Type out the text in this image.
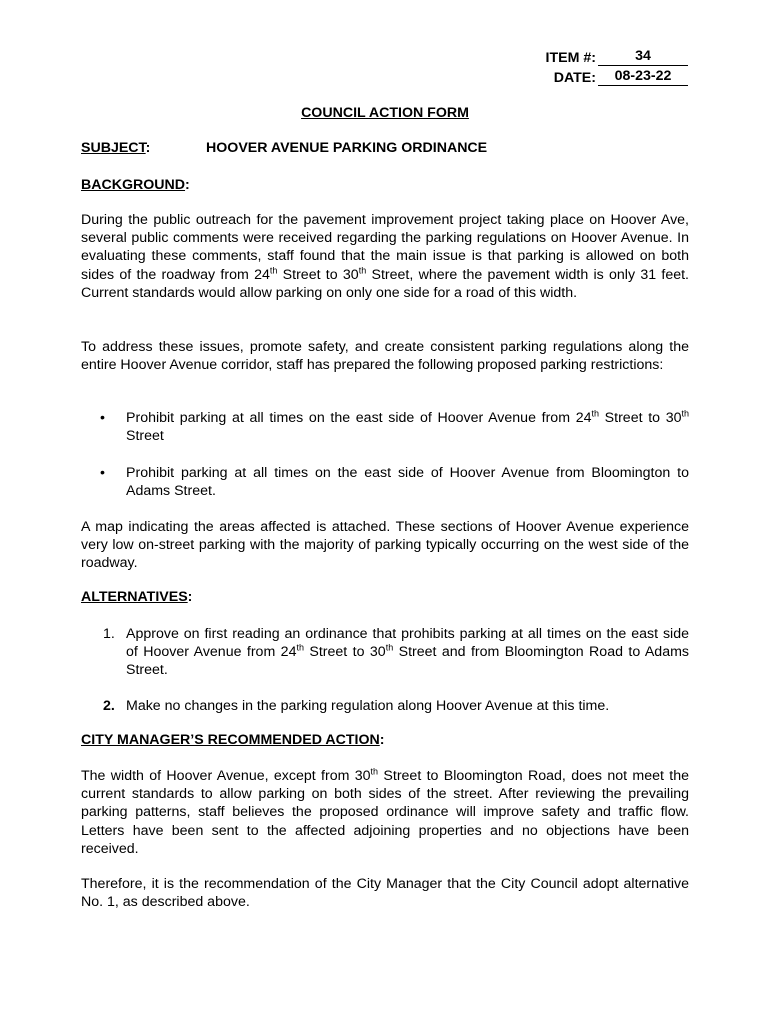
ITEM #:	34
DATE:	08-23-22
COUNCIL ACTION FORM
SUBJECT:	HOOVER AVENUE PARKING ORDINANCE
BACKGROUND:

During the public outreach for the pavement improvement project taking place on Hoover Ave, several public comments were received regarding the parking regulations on Hoover Avenue. In evaluating these comments, staff found that the main issue is that parking is allowed on both sides of the roadway from 24th Street to 30th Street, where the pavement width is only 31 feet. Current standards would allow parking on only one side for a road of this width.

To address these issues, promote safety, and create consistent parking regulations along the entire Hoover Avenue corridor, staff has prepared the following proposed parking restrictions:

•	Prohibit parking at all times on the east side of Hoover Avenue from 24th Street to 30th Street
•	Prohibit parking at all times on the east side of Hoover Avenue from Bloomington to Adams Street.

A map indicating the areas affected is attached. These sections of Hoover Avenue experience very low on-street parking with the majority of parking typically occurring on the west side of the roadway.

ALTERNATIVES:
1. Approve on first reading an ordinance that prohibits parking at all times on the east side of Hoover Avenue from 24th Street to 30th Street and from Bloomington Road to Adams Street.
2. Make no changes in the parking regulation along Hoover Avenue at this time.
CITY MANAGER’S RECOMMENDED ACTION:

The width of Hoover Avenue, except from 30th Street to Bloomington Road, does not meet the current standards to allow parking on both sides of the street. After reviewing the prevailing parking patterns, staff believes the proposed ordinance will improve safety and traffic flow. Letters have been sent to the affected adjoining properties and no objections have been received.

Therefore, it is the recommendation of the City Manager that the City Council adopt alternative No. 1, as described above.
